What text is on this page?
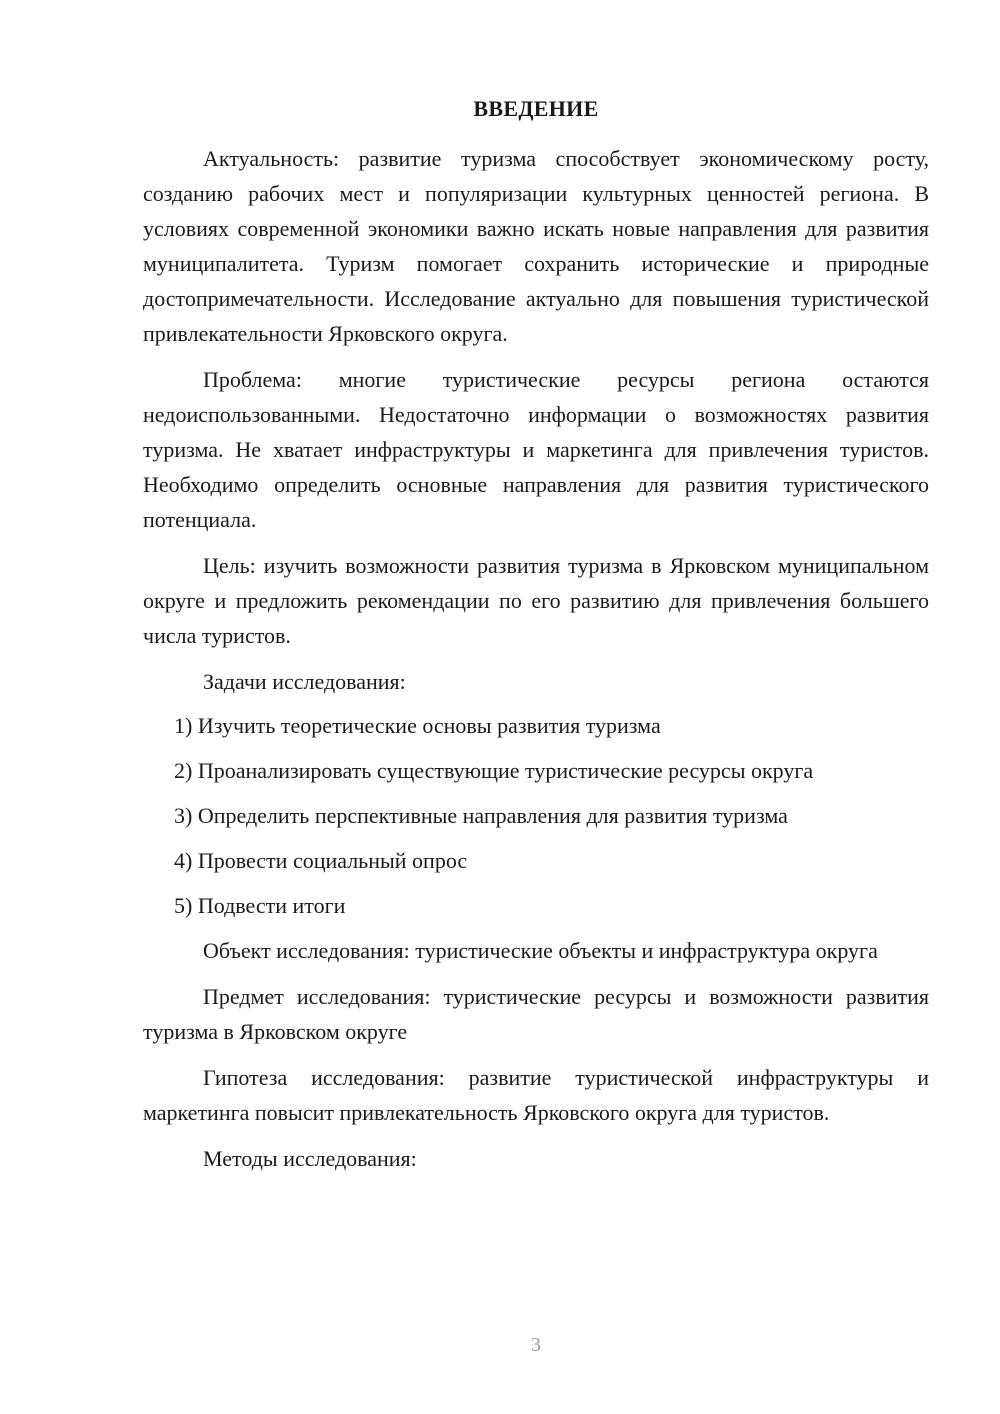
ВВЕДЕНИЕ

Актуальность: развитие туризма способствует экономическому росту, созданию рабочих мест и популяризации культурных ценностей региона. В условиях современной экономики важно искать новые направления для развития муниципалитета. Туризм помогает сохранить исторические и природные достопримечательности. Исследование актуально для повышения туристической привлекательности Ярковского округа.

Проблема: многие туристические ресурсы региона остаются недоиспользованными. Недостаточно информации о возможностях развития туризма. Не хватает инфраструктуры и маркетинга для привлечения туристов. Необходимо определить основные направления для развития туристического потенциала.

Цель: изучить возможности развития туризма в Ярковском муниципальном округе и предложить рекомендации по его развитию для привлечения большего числа туристов.

Задачи исследования:

1) Изучить теоретические основы развития туризма
2) Проанализировать существующие туристические ресурсы округа
3) Определить перспективные направления для развития туризма
4) Провести социальный опрос
5) Подвести итоги

Объект исследования: туристические объекты и инфраструктура округа

Предмет исследования: туристические ресурсы и возможности развития туризма в Ярковском округе

Гипотеза исследования: развитие туристической инфраструктуры и маркетинга повысит привлекательность Ярковского округа для туристов.

Методы исследования:

3
